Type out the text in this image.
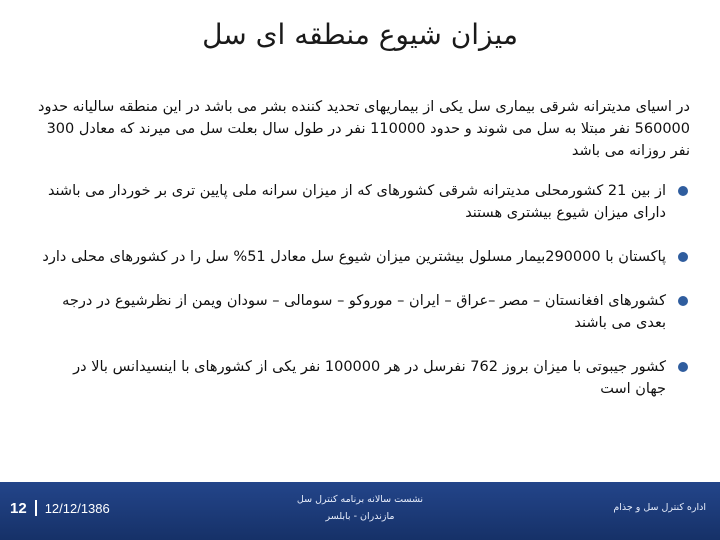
میزان شیوع منطقه ای سل
در اسیای مدیترانه شرقی بیماری سل یکی از بیماریهای تحدید کننده بشر می باشد در این منطقه سالیانه حدود 560000 نفر مبتلا به سل می شوند و حدود 110000 نفر در طول سال بعلت سل می میرند که معادل 300 نفر روزانه می باشد
از بین 21 کشورمحلی مدیترانه شرقی کشورهای که از میزان سرانه ملی پایین تری بر خوردار می باشند دارای میزان شیوع بیشتری هستند
پاکستان با 290000بیمار مسلول بیشترین میزان شیوع سل معادل 51% سل را در کشورهای محلی دارد
کشورهای افغانستان – مصر –عراق – ایران – موروکو – سومالی – سودان ویمن از نظرشیوع در درجه بعدی می باشند
کشور جیبوتی با میزان بروز 762 نفرسل در هر 100000 نفر یکی از کشورهای با اینسیدانس بالا در جهان است
12 12/12/1386
نشست سالانه برنامه کنترل سل
مازندران - بابلسر
اداره کنترل سل و جذام
